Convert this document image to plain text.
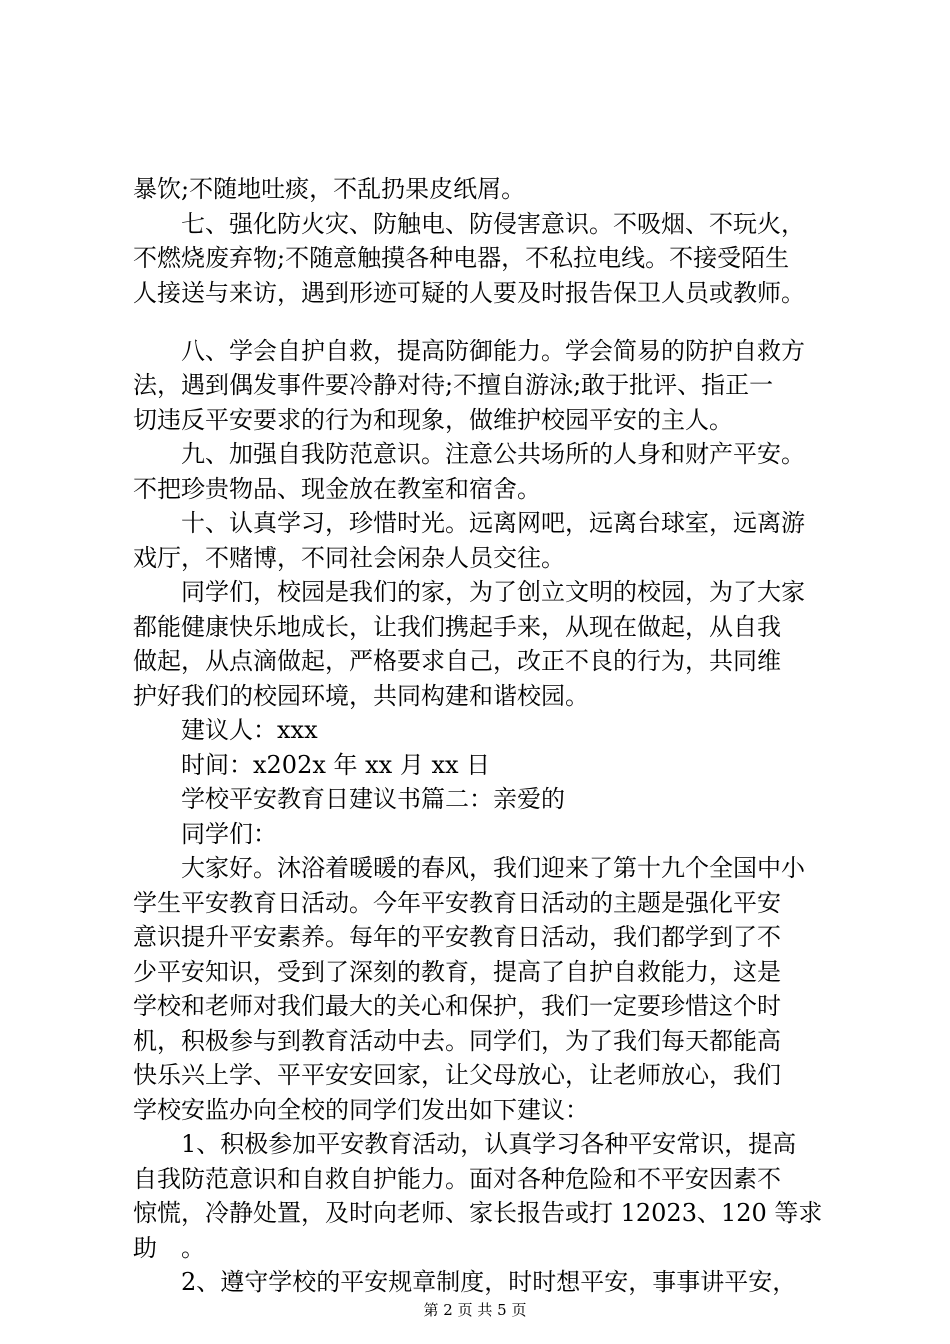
暴饮;不随地吐痰，不乱扔果皮纸屑。
七、强化防火灾、防触电、防侵害意识。不吸烟、不玩火，
不燃烧废弃物;不随意触摸各种电器，不私拉电线。不接受陌生
人接送与来访，遇到形迹可疑的人要及时报告保卫人员或教师。
八、学会自护自救，提高防御能力。学会简易的防护自救方
法，遇到偶发事件要冷静对待;不擅自游泳;敢于批评、指正一
切违反平安要求的行为和现象，做维护校园平安的主人。
九、加强自我防范意识。注意公共场所的人身和财产平安。
不把珍贵物品、现金放在教室和宿舍。
十、认真学习，珍惜时光。远离网吧，远离台球室，远离游
戏厅，不赌博，不同社会闲杂人员交往。
同学们，校园是我们的家，为了创立文明的校园，为了大家
都能健康快乐地成长，让我们携起手来，从现在做起，从自我
做起，从点滴做起，严格要求自己，改正不良的行为，共同维
护好我们的校园环境，共同构建和谐校园。
建议人：xxx
时间：x202x 年 xx 月 xx 日
学校平安教育日建议书篇二：亲爱的
同学们：
大家好。沐浴着暖暖的春风，我们迎来了第十九个全国中小
学生平安教育日活动。今年平安教育日活动的主题是强化平安
意识提升平安素养。每年的平安教育日活动，我们都学到了不
少平安知识，受到了深刻的教育，提高了自护自救能力，这是
学校和老师对我们最大的关心和保护，我们一定要珍惜这个时
机，积极参与到教育活动中去。同学们，为了我们每天都能高
快乐兴上学、平平安安回家，让父母放心，让老师放心，我们
学校安监办向全校的同学们发出如下建议：
1、积极参加平安教育活动，认真学习各种平安常识，提高
自我防范意识和自救自护能力。面对各种危险和不平安因素不
惊慌，冷静处置，及时向老师、家长报告或打 12023、120 等求
助　。
2、遵守学校的平安规章制度，时时想平安，事事讲平安，
第 2 页 共 5 页
